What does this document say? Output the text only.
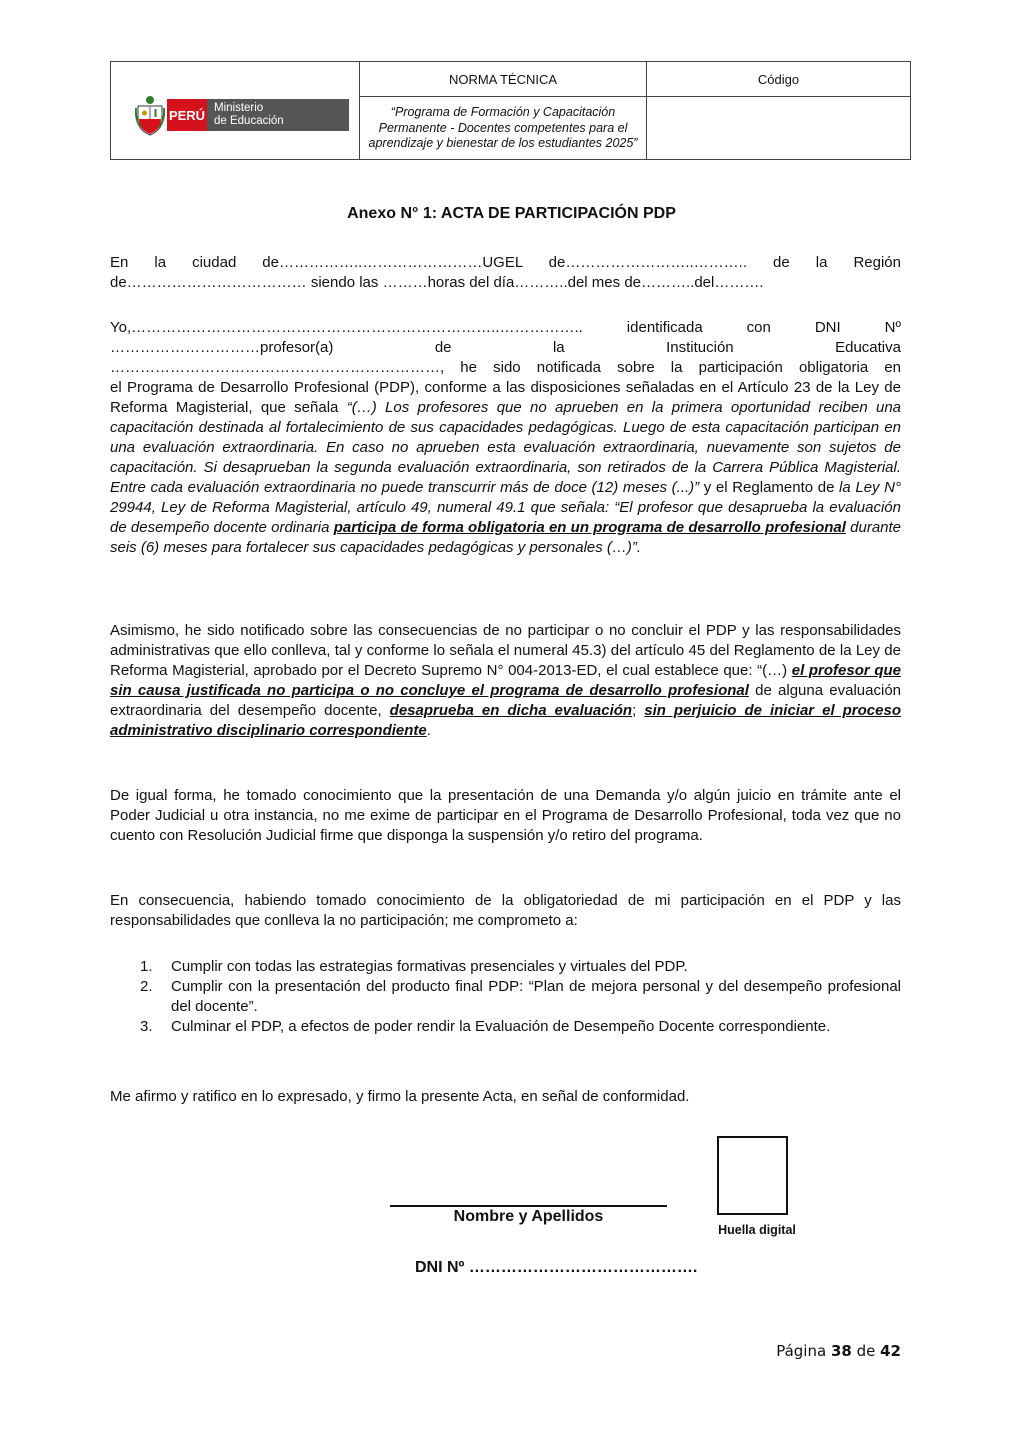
PERÚ Ministerio
de Educación
NORMA TÉCNICA	Código
“Programa de Formación y Capacitación Permanente - Docentes competentes para el aprendizaje y bienestar de los estudiantes 2025”
Anexo N° 1: ACTA DE PARTICIPACIÓN PDP

En la ciudad de……………..……………………UGEL de……………………..……….. de la Región
de……………………………… siendo las ………horas del día………..del mes de………..del……….

Yo,………………………………………………………………..…………….. identificada con DNI Nº
…………………………profesor(a) de la Institución Educativa
…………………………………………………………, he sido notificada sobre la participación obligatoria en
el Programa de Desarrollo Profesional (PDP), conforme a las disposiciones señaladas en el Artículo 23 de la Ley de Reforma Magisterial, que señala “(…) Los profesores que no aprueben en la primera oportunidad reciben una capacitación destinada al fortalecimiento de sus capacidades pedagógicas. Luego de esta capacitación participan en una evaluación extraordinaria. En caso no aprueben esta evaluación extraordinaria, nuevamente son sujetos de capacitación. Si desaprueban la segunda evaluación extraordinaria, son retirados de la Carrera Pública Magisterial. Entre cada evaluación extraordinaria no puede transcurrir más de doce (12) meses (...)” y el Reglamento de la Ley N° 29944, Ley de Reforma Magisterial, artículo 49, numeral 49.1 que señala: “El profesor que desaprueba la evaluación de desempeño docente ordinaria participa de forma obligatoria en un programa de desarrollo profesional durante seis (6) meses para fortalecer sus capacidades pedagógicas y personales (…)”.

Asimismo, he sido notificado sobre las consecuencias de no participar o no concluir el PDP y las responsabilidades administrativas que ello conlleva, tal y conforme lo señala el numeral 45.3) del artículo 45 del Reglamento de la Ley de Reforma Magisterial, aprobado por el Decreto Supremo N° 004-2013-ED, el cual establece que: “(…) el profesor que sin causa justificada no participa o no concluye el programa de desarrollo profesional de alguna evaluación extraordinaria del desempeño docente, desaprueba en dicha evaluación; sin perjuicio de iniciar el proceso administrativo disciplinario correspondiente.

De igual forma, he tomado conocimiento que la presentación de una Demanda y/o algún juicio en trámite ante el Poder Judicial u otra instancia, no me exime de participar en el Programa de Desarrollo Profesional, toda vez que no cuento con Resolución Judicial firme que disponga la suspensión y/o retiro del programa.

En consecuencia, habiendo tomado conocimiento de la obligatoriedad de mi participación en el PDP y las responsabilidades que conlleva la no participación; me comprometo a:

1. Cumplir con todas las estrategias formativas presenciales y virtuales del PDP.
2. Cumplir con la presentación del producto final PDP: “Plan de mejora personal y del desempeño profesional del docente”.
3. Culminar el PDP, a efectos de poder rendir la Evaluación de Desempeño Docente correspondiente.

Me afirmo y ratifico en lo expresado, y firmo la presente Acta, en señal de conformidad.

Huella digital
Nombre y Apellidos
DNI Nº …………………………………….
Página 38 de 42
